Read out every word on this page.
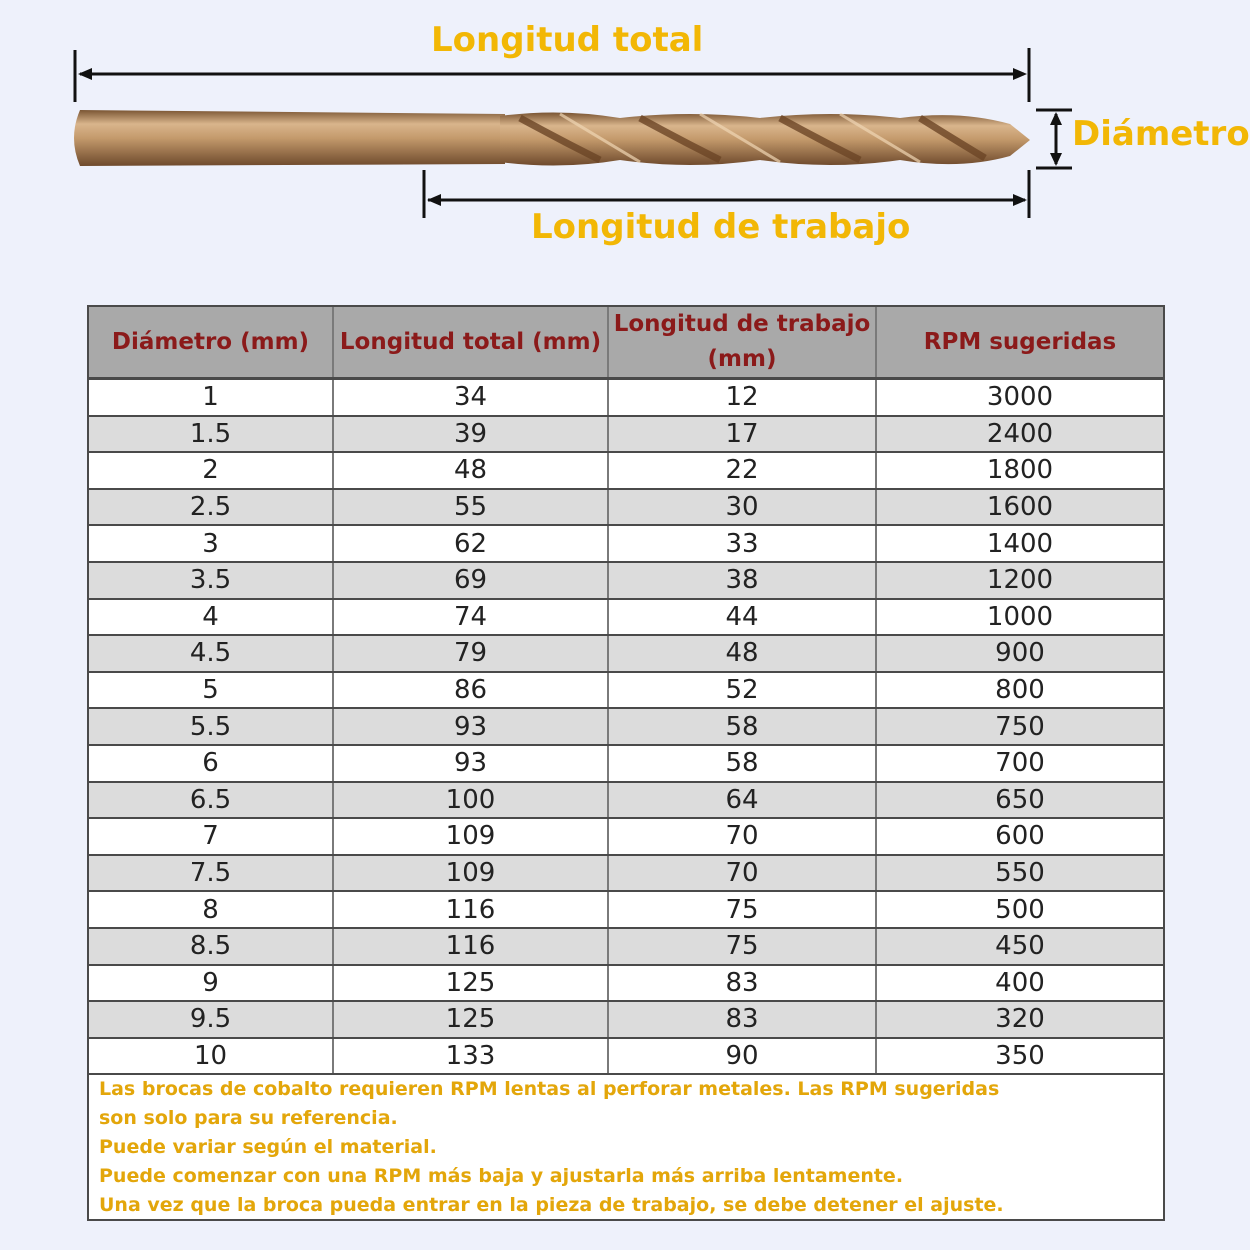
Longitud total
Diámetro
Longitud de trabajo
Diámetro (mm)	Longitud total (mm)	Longitud de trabajo (mm)	RPM sugeridas
1	34	12	3000
1.5	39	17	2400
2	48	22	1800
2.5	55	30	1600
3	62	33	1400
3.5	69	38	1200
4	74	44	1000
4.5	79	48	900
5	86	52	800
5.5	93	58	750
6	93	58	700
6.5	100	64	650
7	109	70	600
7.5	109	70	550
8	116	75	500
8.5	116	75	450
9	125	83	400
9.5	125	83	320
10	133	90	350
Las brocas de cobalto requieren RPM lentas al perforar metales. Las RPM sugeridas
son solo para su referencia.
Puede variar según el material.
Puede comenzar con una RPM más baja y ajustarla más arriba lentamente.
Una vez que la broca pueda entrar en la pieza de trabajo, se debe detener el ajuste.
